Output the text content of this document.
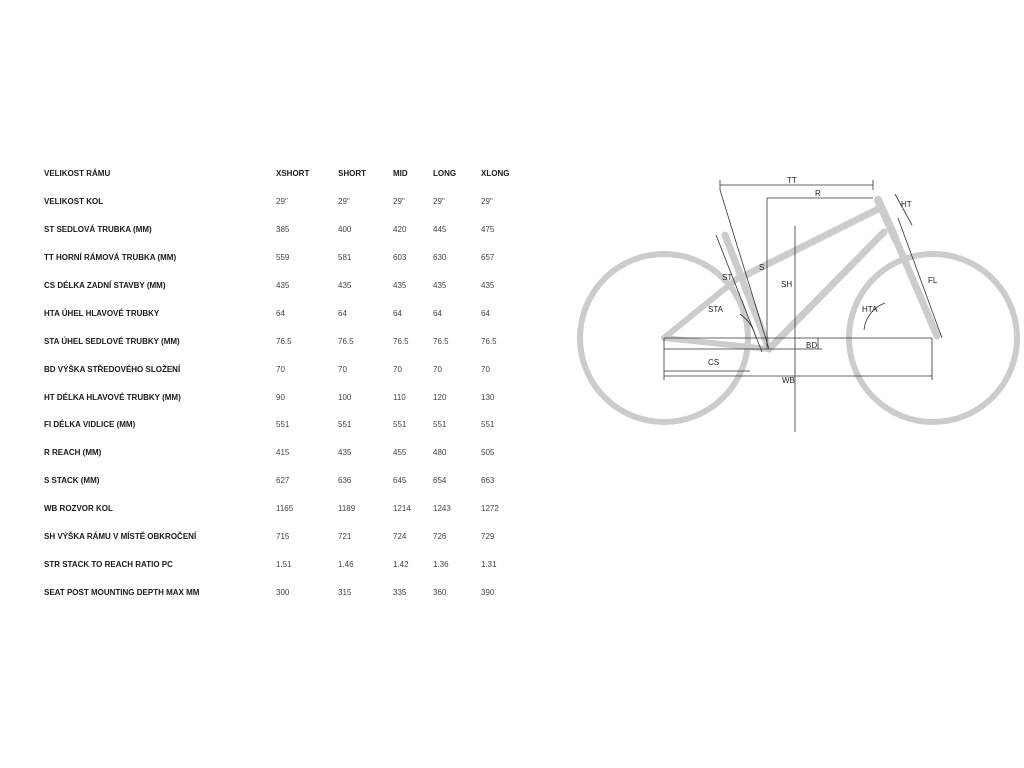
VELIKOST RÁMU	XSHORT	SHORT	MID	LONG	XLONG
VELIKOST KOL	29"	29"	29"	29"	29"
ST SEDLOVÁ TRUBKA (MM)	385	400	420	445	475
TT HORNÍ RÁMOVÁ TRUBKA (MM)	559	581	603	630	657
CS DÉLKA ZADNÍ STAVBY (MM)	435	435	435	435	435
HTA ÚHEL HLAVOVÉ TRUBKY	64	64	64	64	64
STA ÚHEL SEDLOVÉ TRUBKY (MM)	76.5	76.5	76.5	76.5	76.5
BD VÝŠKA STŘEDOVÉHO SLOŽENÍ	70	70	70	70	70
HT DÉLKA HLAVOVÉ TRUBKY (MM)	90	100	110	120	130
FI DÉLKA VIDLICE (MM)	551	551	551	551	551
R REACH (MM)	415	435	455	480	505
S STACK (MM)	627	636	645	654	663
WB ROZVOR KOL	1165	1189	1214	1243	1272
SH VÝŠKA RÁMU V MÍSTĚ OBKROČENÍ	715	721	724	726	729
STR STACK TO REACH RATIO PC	1.51	1.46	1.42	1.36	1.31
SEAT POST MOUNTING DEPTH MAX MM	300	315	335	360	390
TT
R
HT
S
SH
ST
STA
FL
HTA
BD
CS
WB
